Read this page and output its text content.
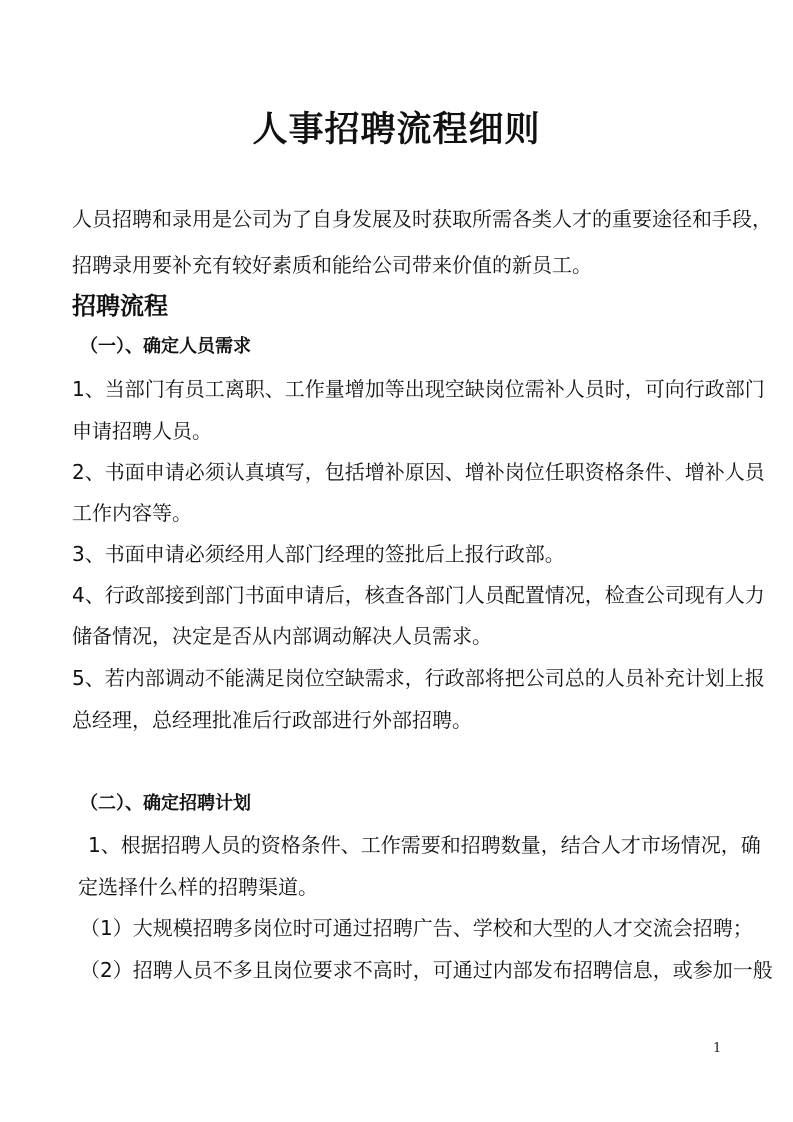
人事招聘流程细则
人员招聘和录用是公司为了自身发展及时获取所需各类人才的重要途径和手段，
招聘录用要补充有较好素质和能给公司带来价值的新员工。
招聘流程
（一）、确定人员需求
1、当部门有员工离职、工作量增加等出现空缺岗位需补人员时，可向行政部门
申请招聘人员。
2、书面申请必须认真填写，包括增补原因、增补岗位任职资格条件、增补人员
工作内容等。
3、书面申请必须经用人部门经理的签批后上报行政部。
4、行政部接到部门书面申请后，核查各部门人员配置情况，检查公司现有人力
储备情况，决定是否从内部调动解决人员需求。
5、若内部调动不能满足岗位空缺需求，行政部将把公司总的人员补充计划上报
总经理，总经理批准后行政部进行外部招聘。
（二）、确定招聘计划
1、根据招聘人员的资格条件、工作需要和招聘数量，结合人才市场情况，确
定选择什么样的招聘渠道。
（1）大规模招聘多岗位时可通过招聘广告、学校和大型的人才交流会招聘；
（2）招聘人员不多且岗位要求不高时，可通过内部发布招聘信息，或参加一般
1
